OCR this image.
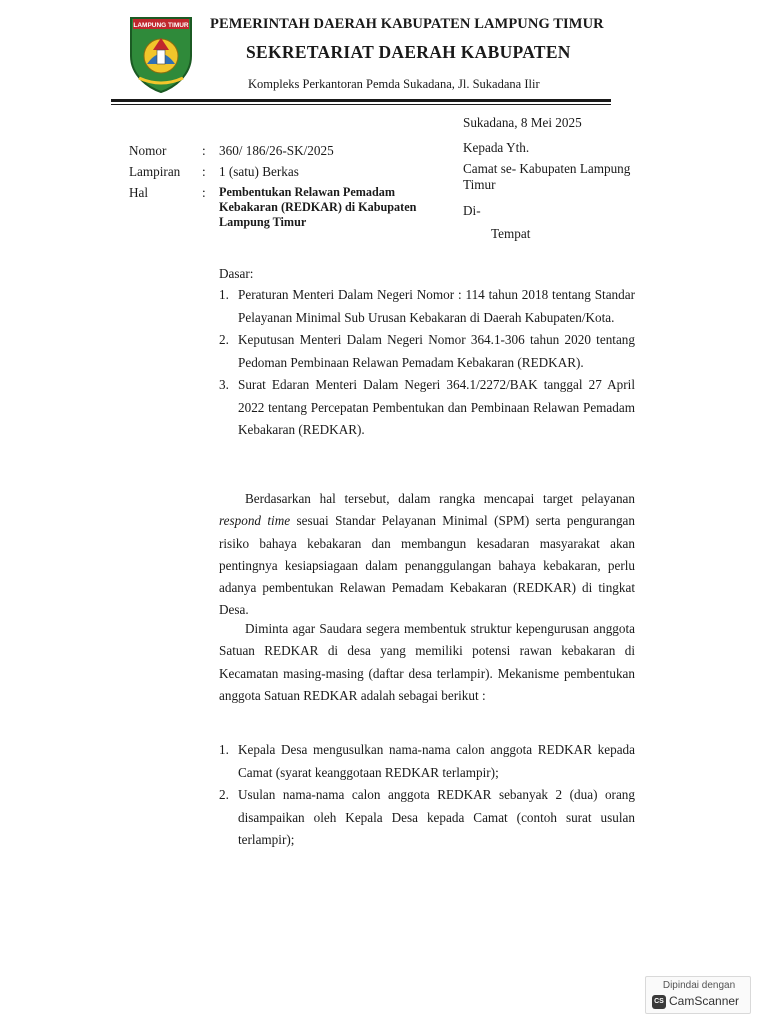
LAMPUNG TIMUR PEMERINTAH DAERAH KABUPATEN LAMPUNG TIMUR
SEKRETARIAT DAERAH KABUPATEN
Kompleks Perkantoran Pemda Sukadana, Jl. Sukadana Ilir
Sukadana, 8 Mei 2025
Nomor	: 360/ 186/26-SK/2025
Lampiran : 1 (satu) Berkas
Hal	: Pembentukan Relawan Pemadam Kebakaran (REDKAR) di Kabupaten Lampung Timur
Kepada Yth.
Camat se- Kabupaten Lampung Timur
Di-
Tempat
Dasar:
1. Peraturan Menteri Dalam Negeri Nomor : 114 tahun 2018 tentang Standar Pelayanan Minimal Sub Urusan Kebakaran di Daerah Kabupaten/Kota.
2. Keputusan Menteri Dalam Negeri Nomor 364.1-306 tahun 2020 tentang Pedoman Pembinaan Relawan Pemadam Kebakaran (REDKAR).
3. Surat Edaran Menteri Dalam Negeri 364.1/2272/BAK tanggal 27 April 2022 tentang Percepatan Pembentukan dan Pembinaan Relawan Pemadam Kebakaran (REDKAR).
Berdasarkan hal tersebut, dalam rangka mencapai target pelayanan respond time sesuai Standar Pelayanan Minimal (SPM) serta pengurangan risiko bahaya kebakaran dan membangun kesadaran masyarakat akan pentingnya kesiapsiagaan dalam penanggulangan bahaya kebakaran, perlu adanya pembentukan Relawan Pemadam Kebakaran (REDKAR) di tingkat Desa.
Diminta agar Saudara segera membentuk struktur kepengurusan anggota Satuan REDKAR di desa yang memiliki potensi rawan kebakaran di Kecamatan masing-masing (daftar desa terlampir). Mekanisme pembentukan anggota Satuan REDKAR adalah sebagai berikut :
1. Kepala Desa mengusulkan nama-nama calon anggota REDKAR kepada Camat (syarat keanggotaan REDKAR terlampir);
2. Usulan nama-nama calon anggota REDKAR sebanyak 2 (dua) orang disampaikan oleh Kepala Desa kepada Camat (contoh surat usulan terlampir);
Dipindai dengan
CS CamScanner
